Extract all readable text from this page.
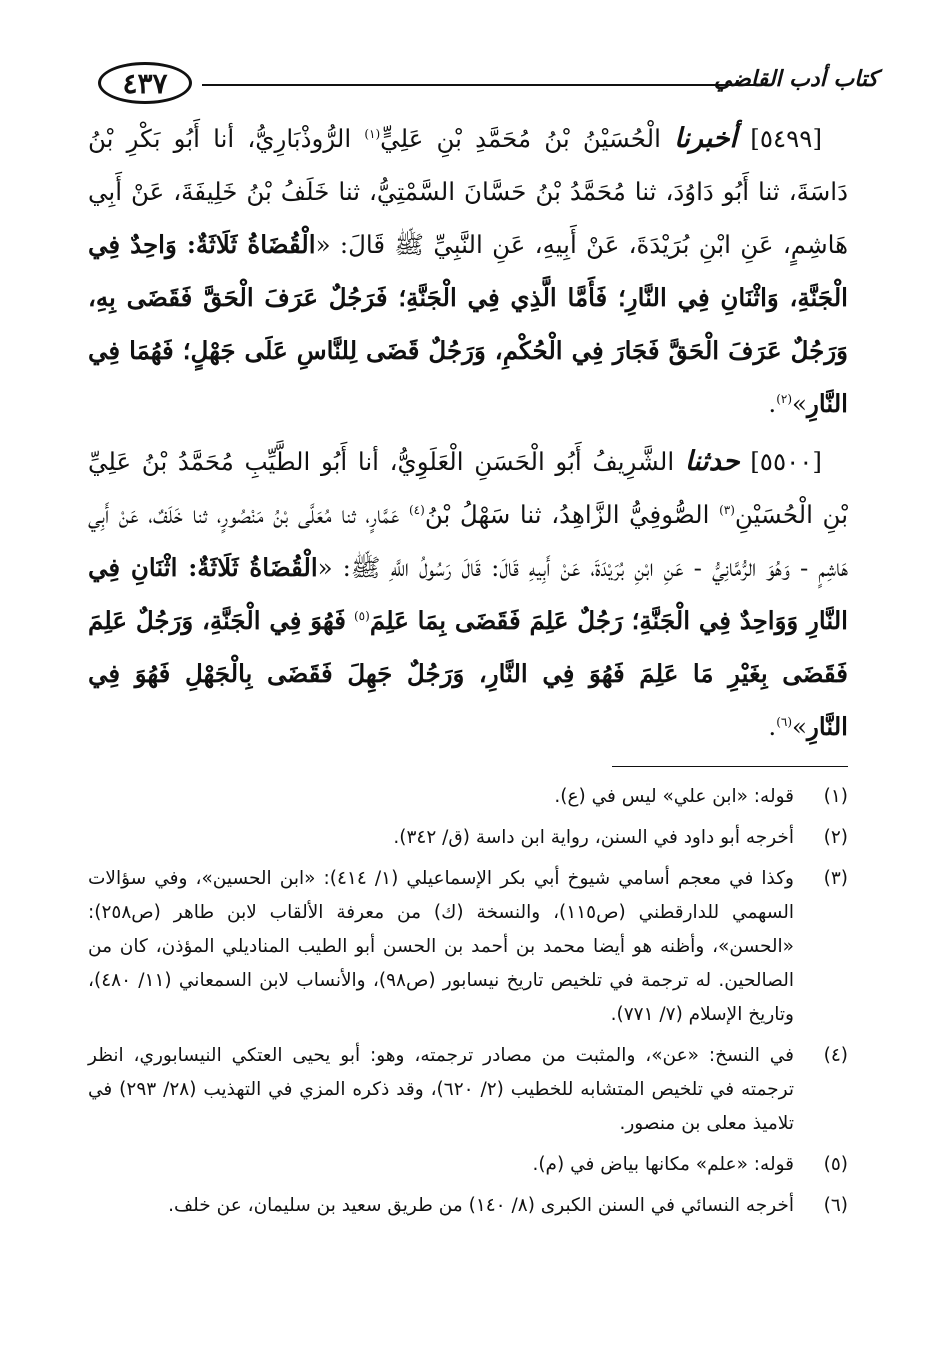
٤٣٧	كتاب أدب القاضي

[٥٤٩٩] أخبرنا الْحُسَيْنُ بْنُ مُحَمَّدِ بْنِ عَلِيٍّ$^{(١)}$ الرُّوذْبَارِيُّ، أنا أَبُو بَكْرِ بْنُ دَاسَةَ، ثنا أَبُو دَاوُدَ، ثنا مُحَمَّدُ بْنُ حَسَّانَ السَّمْتِيُّ، ثنا خَلَفُ بْنُ خَلِيفَةَ، عَنْ أَبِي هَاشِمٍ، عَنِ ابْنِ بُرَيْدَةَ، عَنْ أَبِيهِ، عَنِ النَّبِيِّ ﷺ قَالَ: «الْقُضَاةُ ثَلَاثَةٌ: وَاحِدٌ فِي الْجَنَّةِ، وَاثْنَانِ فِي النَّارِ؛ فَأَمَّا الَّذِي فِي الْجَنَّةِ؛ فَرَجُلٌ عَرَفَ الْحَقَّ فَقَضَى بِهِ، وَرَجُلٌ عَرَفَ الْحَقَّ فَجَارَ فِي الْحُكْمِ، وَرَجُلٌ قَضَى لِلنَّاسِ عَلَى جَهْلٍ؛ فَهُمَا فِي النَّارِ»$^{(٢)}$.

[٥٥٠٠] حدثنا الشَّرِيفُ أَبُو الْحَسَنِ الْعَلَوِيُّ، أنا أَبُو الطَّيِّبِ مُحَمَّدُ بْنُ عَلِيِّ بْنِ الْحُسَيْنِ$^{(٣)}$ الصُّوفِيُّ الزَّاهِدُ، ثنا سَهْلُ بْنُ$^{(٤)}$ عَمَّارٍ، ثنا مُعَلَّى بْنُ مَنْصُورٍ، ثنا خَلَفٌ، عَنْ أَبِي هَاشِمٍ - وَهُوَ الرُّمَّانِيُّ - عَنِ ابْنِ بُرَيْدَةَ، عَنْ أَبِيهِ قَالَ: قَالَ رَسُولُ اللَّهِ ﷺ: «الْقُضَاةُ ثَلَاثَةٌ: اثْنَانِ فِي النَّارِ وَوَاحِدٌ فِي الْجَنَّةِ؛ رَجُلٌ عَلِمَ فَقَضَى بِمَا عَلِمَ$^{(٥)}$ فَهُوَ فِي الْجَنَّةِ، وَرَجُلٌ عَلِمَ فَقَضَى بِغَيْرِ مَا عَلِمَ فَهُوَ فِي النَّارِ، وَرَجُلٌ جَهِلَ فَقَضَى بِالْجَهْلِ فَهُوَ فِي النَّارِ»$^{(٦)}$.

(١)
قوله: «ابن علي» ليس في (ع).
(٢)
أخرجه أبو داود في السنن، رواية ابن داسة (ق/ ٣٤٢).
(٣)
وكذا في معجم أسامي شيوخ أبي بكر الإسماعيلي (١/ ٤١٤): «ابن الحسين»، وفي سؤالات السهمي للدارقطني (ص١١٥)، والنسخة (ك) من معرفة الألقاب لابن طاهر (ص٢٥٨): «الحسن»، وأظنه هو أيضا محمد بن أحمد بن الحسن أبو الطيب المناديلي المؤذن، كان من الصالحين. له ترجمة في تلخيص تاريخ نيسابور (ص٩٨)، والأنساب لابن السمعاني (١١/ ٤٨٠)، وتاريخ الإسلام (٧/ ٧٧١).
(٤)
في النسخ: «عن»، والمثبت من مصادر ترجمته، وهو: أبو يحيى العتكي النيسابوري، انظر ترجمته في تلخيص المتشابه للخطيب (٢/ ٦٢٠)، وقد ذكره المزي في التهذيب (٢٨/ ٢٩٣) في تلاميذ معلى بن منصور.
(٥)
قوله: «علم» مكانها بياض في (م).
(٦)
أخرجه النسائي في السنن الكبرى (٨/ ١٤٠) من طريق سعيد بن سليمان، عن خلف.
